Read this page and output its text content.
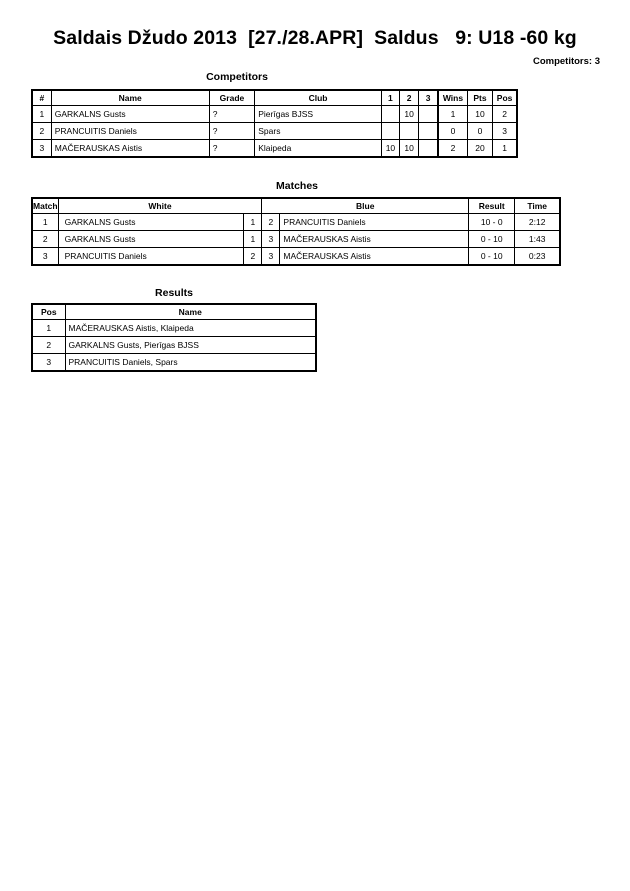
Saldais Džudo 2013  [27./28.APR]  Saldus   9: U18 -60 kg
Competitors: 3
Competitors
#	Name	Grade	Club	1	2	3	Wins	Pts	Pos
1	GARKALNS Gusts	?	Pierīgas BJSS		10		1	10	2
2	PRANCUITIS Daniels	?	Spars				0	0	3
3	MAČERAUSKAS Aistis	?	Klaipeda	10	10		2	20	1
Matches
Match	White		Blue		Result	Time
1	GARKALNS Gusts	1	2	PRANCUITIS Daniels	10 - 0	2:12
2	GARKALNS Gusts	1	3	MAČERAUSKAS Aistis	0 - 10	1:43
3	PRANCUITIS Daniels	2	3	MAČERAUSKAS Aistis	0 - 10	0:23
Results
Pos	Name
1	MAČERAUSKAS Aistis, Klaipeda
2	GARKALNS Gusts, Pierīgas BJSS
3	PRANCUITIS Daniels, Spars
